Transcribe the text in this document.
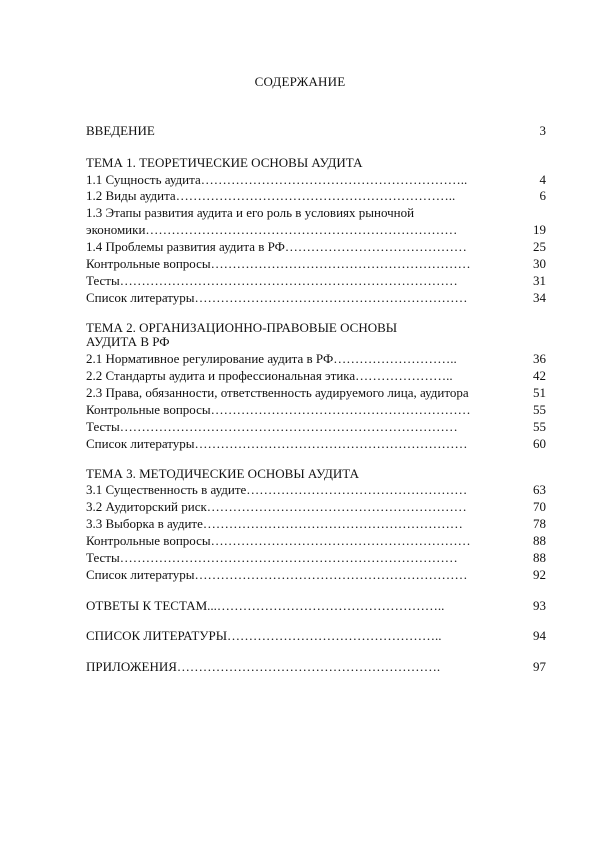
СОДЕРЖАНИЕ
ВВЕДЕНИЕ	3
ТЕМА 1. ТЕОРЕТИЧЕСКИЕ ОСНОВЫ АУДИТА
1.1 Сущность аудита……………………………………………………..	4
1.2 Виды аудита………………………………………………………..	6
1.3 Этапы развития аудита и его роль в условиях рыночной
экономики………………………………………………………………	19
1.4 Проблемы развития аудита в РФ……………………………………	25
Контрольные вопросы……………………………………………………	30
Тесты……………………………………………………………………	31
Список литературы………………………………………………………	34
ТЕМА 2. ОРГАНИЗАЦИОННО-ПРАВОВЫЕ ОСНОВЫ
АУДИТА В РФ
2.1 Нормативное регулирование аудита в РФ………………………..	36
2.2 Стандарты аудита и профессиональная этика…………………..	42
2.3 Права, обязанности, ответственность аудируемого лица, аудитора	51
Контрольные вопросы……………………………………………………	55
Тесты……………………………………………………………………	55
Список литературы………………………………………………………	60
ТЕМА 3. МЕТОДИЧЕСКИЕ ОСНОВЫ АУДИТА
3.1 Существенность в аудите……………………………………………	63
3.2 Аудиторский риск……………………………………………………	70
3.3 Выборка в аудите……………………………………………………	78
Контрольные вопросы……………………………………………………	88
Тесты……………………………………………………………………	88
Список литературы………………………………………………………	92
ОТВЕТЫ К ТЕСТАМ...……………………………………………..	93
СПИСОК ЛИТЕРАТУРЫ…………………………………………..	94
ПРИЛОЖЕНИЯ…………………………………………………….	97
